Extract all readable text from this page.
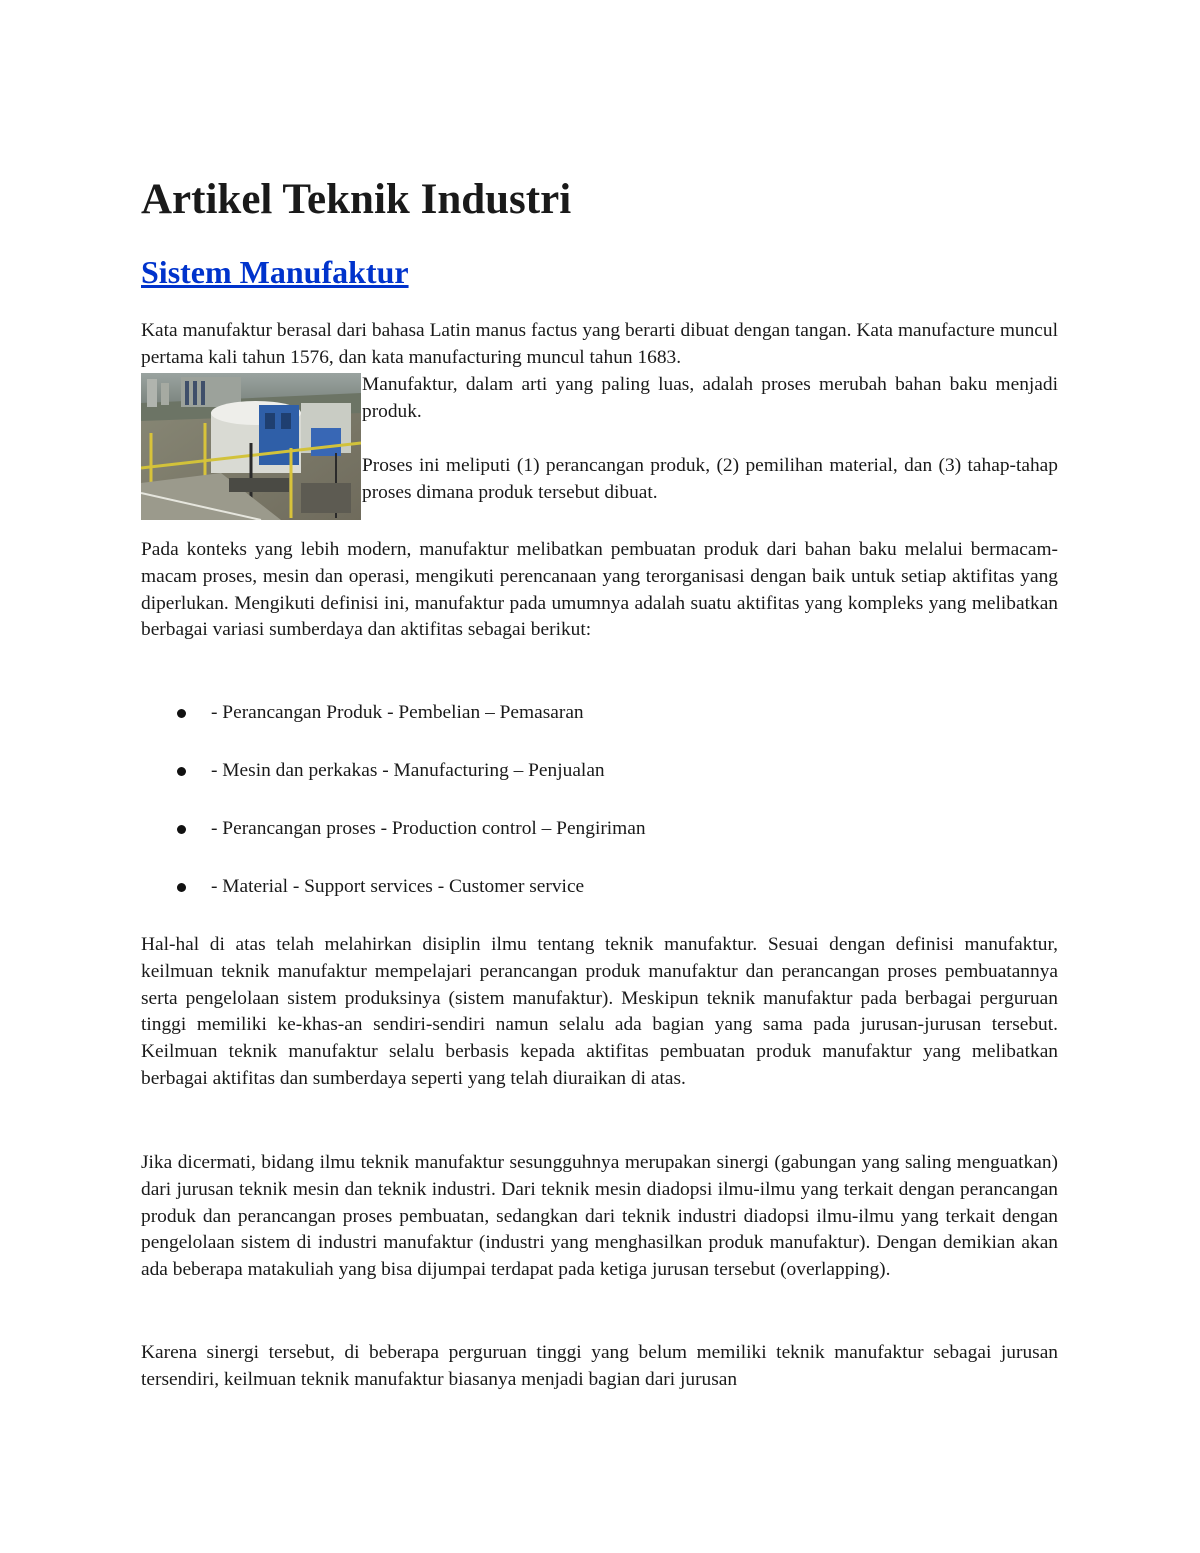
Artikel Teknik Industri
Sistem Manufaktur

Kata manufaktur berasal dari bahasa Latin manus factus yang berarti dibuat dengan tangan. Kata manufacture muncul pertama kali tahun 1576, dan kata manufacturing muncul tahun 1683.

Manufaktur, dalam arti yang paling luas, adalah proses merubah bahan baku menjadi produk.

Proses ini meliputi (1) perancangan produk, (2) pemilihan material, dan (3) tahap-tahap proses dimana produk tersebut dibuat.

Pada konteks yang lebih modern, manufaktur melibatkan pembuatan produk dari bahan baku melalui bermacam-macam proses, mesin dan operasi, mengikuti perencanaan yang terorganisasi dengan baik untuk setiap aktifitas yang diperlukan. Mengikuti definisi ini, manufaktur pada umumnya adalah suatu aktifitas yang kompleks yang melibatkan berbagai variasi sumberdaya dan aktifitas sebagai berikut:

- Perancangan Produk - Pembelian – Pemasaran
- Mesin dan perkakas - Manufacturing – Penjualan
- Perancangan proses - Production control – Pengiriman
- Material - Support services - Customer service

Hal-hal di atas telah melahirkan disiplin ilmu tentang teknik manufaktur. Sesuai dengan definisi manufaktur, keilmuan teknik manufaktur mempelajari perancangan produk manufaktur dan perancangan proses pembuatannya serta pengelolaan sistem produksinya (sistem manufaktur). Meskipun teknik manufaktur pada berbagai perguruan tinggi memiliki ke-khas-an sendiri-sendiri namun selalu ada bagian yang sama pada jurusan-jurusan tersebut. Keilmuan teknik manufaktur selalu berbasis kepada aktifitas pembuatan produk manufaktur yang melibatkan berbagai aktifitas dan sumberdaya seperti yang telah diuraikan di atas.

Jika dicermati, bidang ilmu teknik manufaktur sesungguhnya merupakan sinergi (gabungan yang saling menguatkan) dari jurusan teknik mesin dan teknik industri. Dari teknik mesin diadopsi ilmu-ilmu yang terkait dengan perancangan produk dan perancangan proses pembuatan, sedangkan dari teknik industri diadopsi ilmu-ilmu yang terkait dengan pengelolaan sistem di industri manufaktur (industri yang menghasilkan produk manufaktur). Dengan demikian akan ada beberapa matakuliah yang bisa dijumpai terdapat pada ketiga jurusan tersebut (overlapping).

Karena sinergi tersebut, di beberapa perguruan tinggi yang belum memiliki teknik manufaktur sebagai jurusan tersendiri, keilmuan teknik manufaktur biasanya menjadi bagian dari jurusan
